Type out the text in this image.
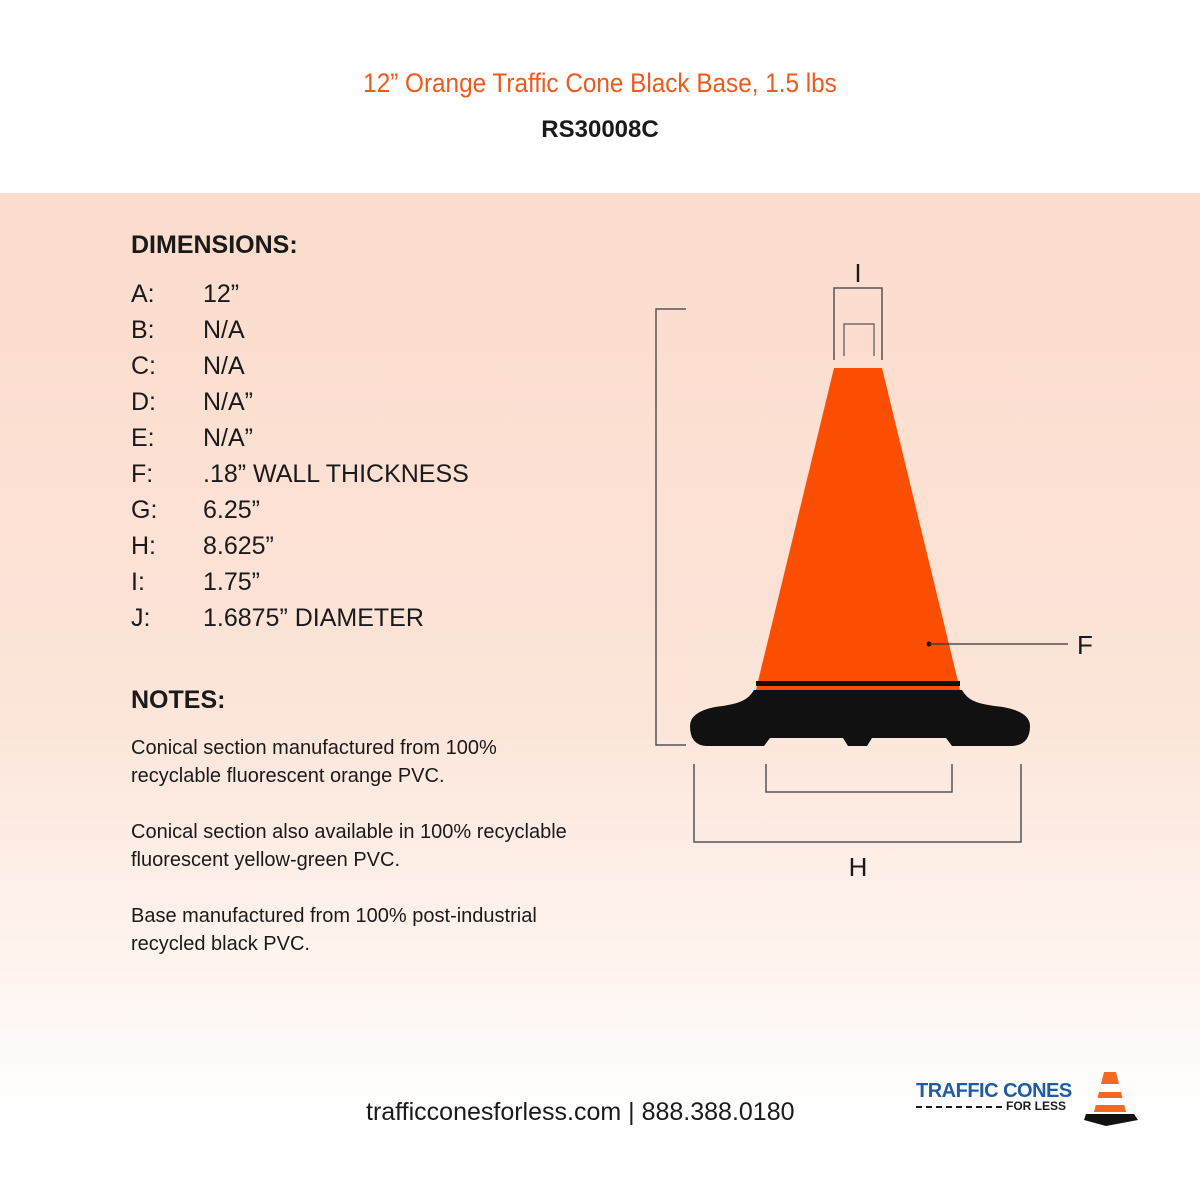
12” Orange Traffic Cone Black Base, 1.5 lbs
RS30008C
DIMENSIONS:
A: 12”
B: N/A
C: N/A
D: N/A”
E: N/A”
F: .18” WALL THICKNESS
G: 6.25”
H: 8.625”
I: 1.75”
J: 1.6875” DIAMETER
NOTES:
Conical section manufactured from 100% recyclable fluorescent orange PVC.
Conical section also available in 100% recyclable fluorescent yellow-green PVC.
Base manufactured from 100% post-industrial recycled black PVC.
I
F
H
trafficconesforless.com | 888.388.0180
TRAFFIC CONES
FOR LESS
